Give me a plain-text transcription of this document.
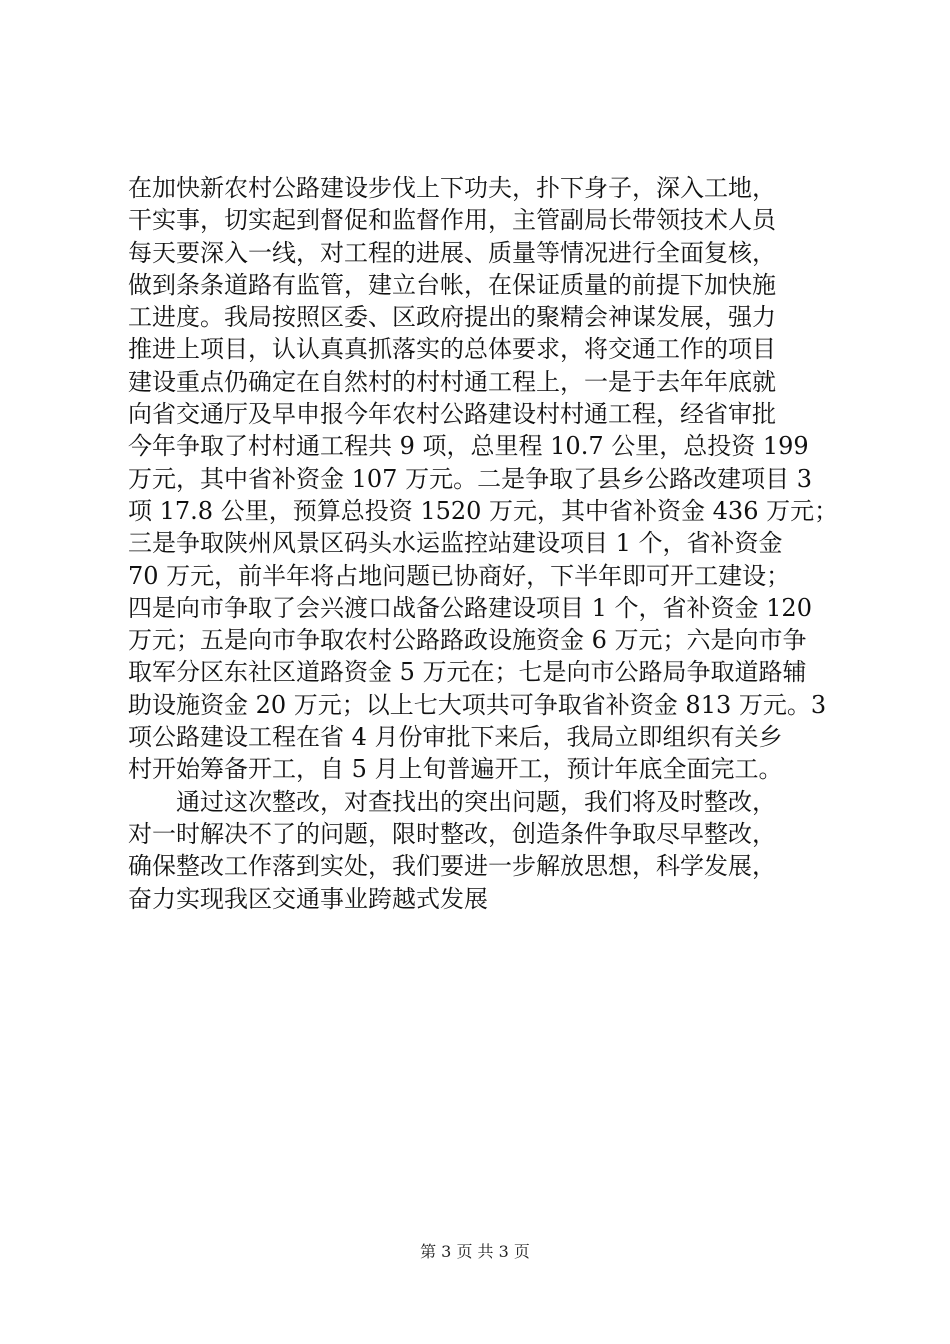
在加快新农村公路建设步伐上下功夫，扑下身子，深入工地，
干实事，切实起到督促和监督作用，主管副局长带领技术人员
每天要深入一线，对工程的进展、质量等情况进行全面复核，
做到条条道路有监管，建立台帐，在保证质量的前提下加快施
工进度。我局按照区委、区政府提出的聚精会神谋发展，强力
推进上项目，认认真真抓落实的总体要求，将交通工作的项目
建设重点仍确定在自然村的村村通工程上，一是于去年年底就
向省交通厅及早申报今年农村公路建设村村通工程，经省审批
今年争取了村村通工程共 9 项，总里程 10.7 公里，总投资 199
万元，其中省补资金 107 万元。二是争取了县乡公路改建项目 3
项 17.8 公里，预算总投资 1520 万元，其中省补资金 436 万元；
三是争取陕州风景区码头水运监控站建设项目 1 个，省补资金
70 万元，前半年将占地问题已协商好，下半年即可开工建设；
四是向市争取了会兴渡口战备公路建设项目 1 个，省补资金 120
万元；五是向市争取农村公路路政设施资金 6 万元；六是向市争
取军分区东社区道路资金 5 万元在；七是向市公路局争取道路辅
助设施资金 20 万元；以上七大项共可争取省补资金 813 万元。3
项公路建设工程在省 4 月份审批下来后，我局立即组织有关乡
村开始筹备开工，自 5 月上旬普遍开工，预计年底全面完工。
通过这次整改，对查找出的突出问题，我们将及时整改，
对一时解决不了的问题，限时整改，创造条件争取尽早整改，
确保整改工作落到实处，我们要进一步解放思想，科学发展，
奋力实现我区交通事业跨越式发展
第 3 页 共 3 页
